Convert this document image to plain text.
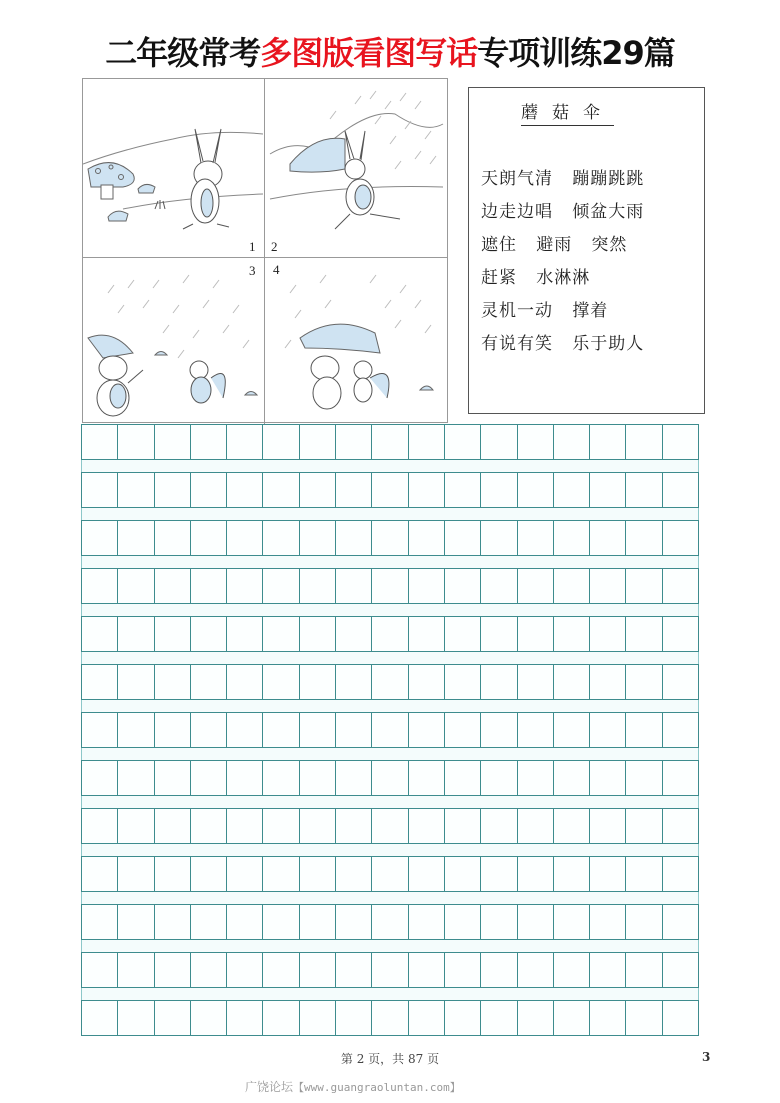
二年级常考多图版看图写话专项训练29篇
1 2
3 4
蘑菇伞
天朗气清   蹦蹦跳跳
边走边唱   倾盆大雨
遮住   避雨   突然
赶紧   水淋淋
灵机一动   撑着
有说有笑   乐于助人
第 2 页，共 87 页	3
广饶论坛【www.guangraoluntan.com】
